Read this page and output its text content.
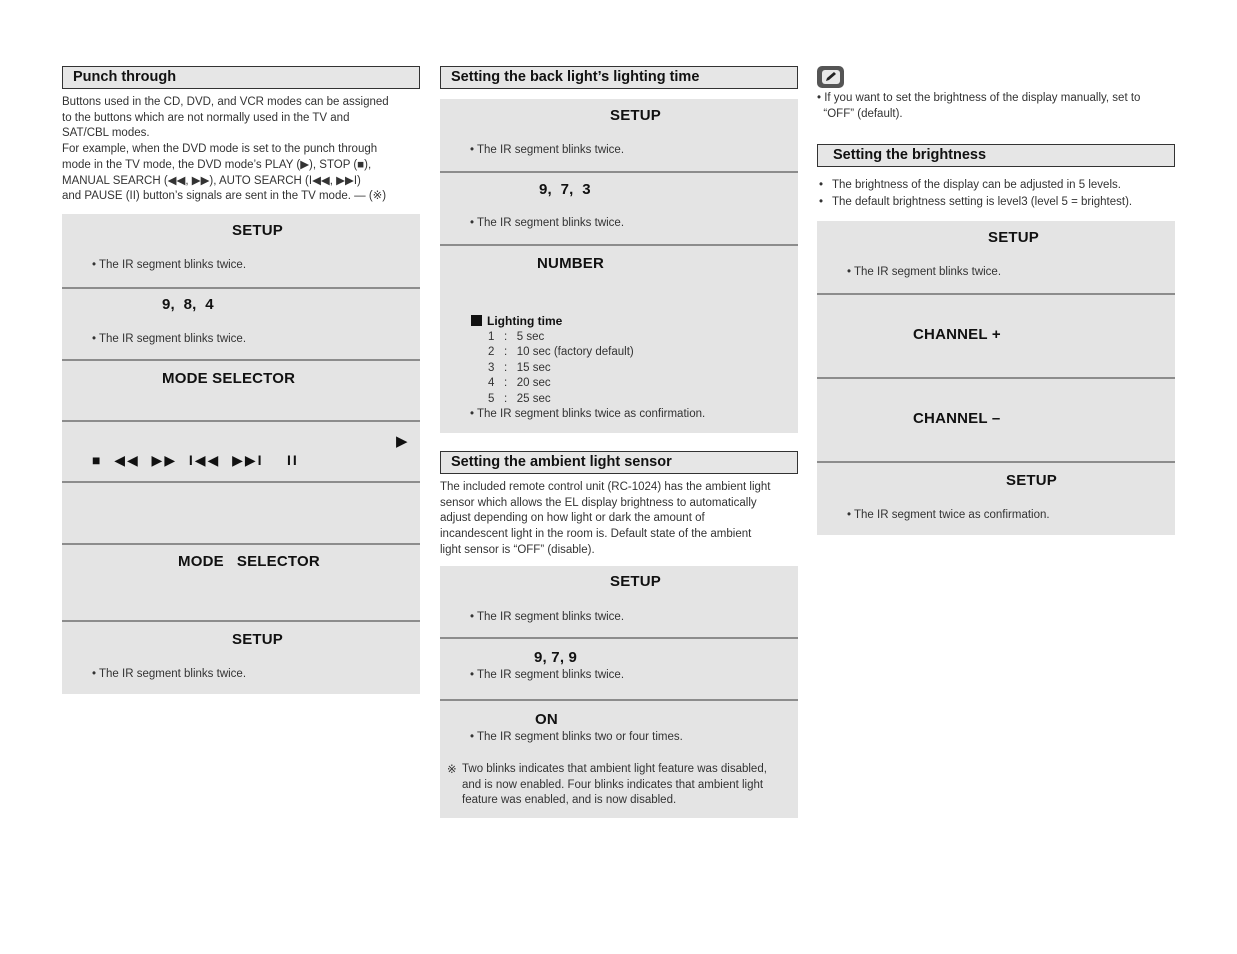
Punch through
Buttons used in the CD, DVD, and VCR modes can be assigned
to the buttons which are not normally used in the TV and
SAT/CBL modes.
For example, when the DVD mode is set to the punch through
mode in the TV mode, the DVD mode’s PLAY (▶), STOP (■),
MANUAL SEARCH (◀◀, ▶▶), AUTO SEARCH (I◀◀, ▶▶I)
and PAUSE (II) button’s signals are sent in the TV mode. — (※)
SETUP
• The IR segment blinks twice.
9,  8,  4
• The IR segment blinks twice.
MODE SELECTOR
▶
■  ◀◀  ▶▶  I◀◀  ▶▶I    II
MODE   SELECTOR
SETUP
• The IR segment blinks twice.
Setting the back light’s lighting time
SETUP
• The IR segment blinks twice.
9,  7,  3
• The IR segment blinks twice.
NUMBER
Lighting time
1   :   5 sec
2   :   10 sec (factory default)
3   :   15 sec
4   :   20 sec
5   :   25 sec
• The IR segment blinks twice as confirmation.
Setting the ambient light sensor
The included remote control unit (RC-1024) has the ambient light
sensor which allows the EL display brightness to automatically
adjust depending on how light or dark the amount of
incandescent light in the room is. Default state of the ambient
light sensor is “OFF” (disable).
SETUP
• The IR segment blinks twice.
9, 7, 9
• The IR segment blinks twice.
ON
• The IR segment blinks two or four times.
※ Two blinks indicates that ambient light feature was disabled,
and is now enabled. Four blinks indicates that ambient light
feature was enabled, and is now disabled.
• If you want to set the brightness of the display manually, set to
“OFF” (default).
Setting the brightness
• The brightness of the display can be adjusted in 5 levels.
• The default brightness setting is level3 (level 5 = brightest).
SETUP
• The IR segment blinks twice.
CHANNEL +
CHANNEL –
SETUP
• The IR segment twice as confirmation.
